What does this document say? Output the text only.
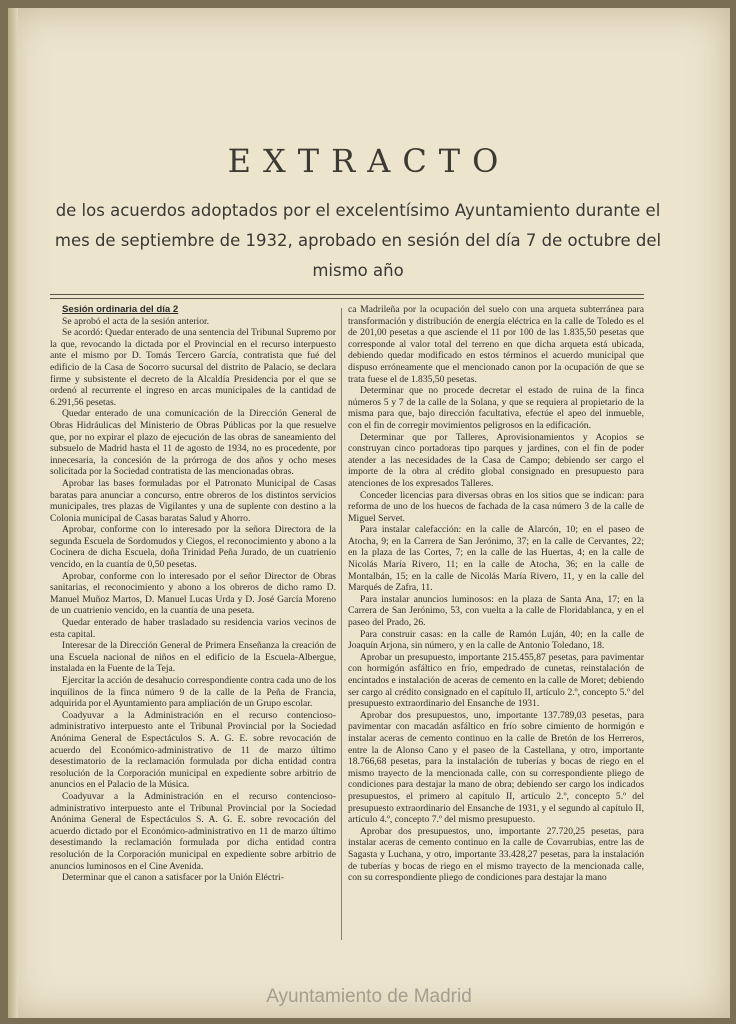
EXTRACTO

de los acuerdos adoptados por el excelentísimo Ayuntamiento durante el mes de septiembre de 1932, aprobado en sesión del día 7 de octubre del mismo año

Sesión ordinaria del día 2

Se aprobó el acta de la sesión anterior.

Se acordó: Quedar enterado de una sentencia del Tribunal Supremo por la que, revocando la dictada por el Provincial en el recurso interpuesto ante el mismo por D. Tomás Tercero García, contratista que fué del edificio de la Casa de Socorro sucursal del distrito de Palacio, se declara firme y subsistente el decreto de la Alcaldía Presidencia por el que se ordenó al recurrente el ingreso en arcas municipales de la cantidad de 6.291,56 pesetas.

Quedar enterado de una comunicación de la Dirección General de Obras Hidráulicas del Ministerio de Obras Públicas por la que resuelve que, por no expirar el plazo de ejecución de las obras de saneamiento del subsuelo de Madrid hasta el 11 de agosto de 1934, no es procedente, por innecesaria, la concesión de la prórroga de dos años y ocho meses solicitada por la Sociedad contratista de las mencionadas obras.

Aprobar las bases formuladas por el Patronato Municipal de Casas baratas para anunciar a concurso, entre obreros de los distintos servicios municipales, tres plazas de Vigilantes y una de suplente con destino a la Colonia municipal de Casas baratas Salud y Ahorro.

Aprobar, conforme con lo interesado por la señora Directora de la segunda Escuela de Sordomudos y Ciegos, el reconocimiento y abono a la Cocinera de dicha Escuela, doña Trinidad Peña Jurado, de un cuatrienio vencido, en la cuantía de 0,50 pesetas.

Aprobar, conforme con lo interesado por el señor Director de Obras sanitarias, el reconocimiento y abono a los obreros de dicho ramo D. Manuel Muñoz Martos, D. Manuel Lucas Urda y D. José García Moreno de un cuatrienio vencido, en la cuantía de una peseta.

Quedar enterado de haber trasladado su residencia varios vecinos de esta capital.

Interesar de la Dirección General de Primera Enseñanza la creación de una Escuela nacional de niños en el edificio de la Escuela-Albergue, instalada en la Fuente de la Teja.

Ejercitar la acción de desahucio correspondiente contra cada uno de los inquilinos de la finca número 9 de la calle de la Peña de Francia, adquirida por el Ayuntamiento para ampliación de un Grupo escolar.

Coadyuvar a la Administración en el recurso contencioso-administrativo interpuesto ante el Tribunal Provincial por la Sociedad Anónima General de Espectáculos S. A. G. E. sobre revocación de acuerdo del Económico-administrativo de 11 de marzo último desestimatorio de la reclamación formulada por dicha entidad contra resolución de la Corporación municipal en expediente sobre arbitrio de anuncios en el Palacio de la Música.

Coadyuvar a la Administración en el recurso contencioso-administrativo interpuesto ante el Tribunal Provincial por la Sociedad Anónima General de Espectáculos S. A. G. E. sobre revocación del acuerdo dictado por el Económico-administrativo en 11 de marzo último desestimando la reclamación formulada por dicha entidad contra resolución de la Corporación municipal en expediente sobre arbitrio de anuncios luminosos en el Cine Avenida.

Determinar que el canon a satisfacer por la Unión Eléctri-

ca Madrileña por la ocupación del suelo con una arqueta subterránea para transformación y distribución de energía eléctrica en la calle de Toledo es el de 201,00 pesetas a que asciende el 11 por 100 de las 1.835,50 pesetas que corresponde al valor total del terreno en que dicha arqueta está ubicada, debiendo quedar modificado en estos términos el acuerdo municipal que dispuso erróneamente que el mencionado canon por la ocupación de que se trata fuese el de 1.835,50 pesetas.

Determinar que no procede decretar el estado de ruina de la finca números 5 y 7 de la calle de la Solana, y que se requiera al propietario de la misma para que, bajo dirección facultativa, efectúe el apeo del inmueble, con el fin de corregir movimientos peligrosos en la edificación.

Determinar que por Talleres, Aprovisionamientos y Acopios se construyan cinco portadoras tipo parques y jardines, con el fin de poder atender a las necesidades de la Casa de Campo; debiendo ser cargo el importe de la obra al crédito global consignado en presupuesto para atenciones de los expresados Talleres.

Conceder licencias para diversas obras en los sitios que se indican: para reforma de uno de los huecos de fachada de la casa número 3 de la calle de Miguel Servet.

Para instalar calefacción: en la calle de Alarcón, 10; en el paseo de Atocha, 9; en la Carrera de San Jerónimo, 37; en la calle de Cervantes, 22; en la plaza de las Cortes, 7; en la calle de las Huertas, 4; en la calle de Nicolás María Rivero, 11; en la calle de Atocha, 36; en la calle de Montalbán, 15; en la calle de Nicolás María Rivero, 11, y en la calle del Marqués de Zafra, 11.

Para instalar anuncios luminosos: en la plaza de Santa Ana, 17; en la Carrera de San Jerónimo, 53, con vuelta a la calle de Floridablanca, y en el paseo del Prado, 26.

Para construir casas: en la calle de Ramón Luján, 40; en la calle de Joaquín Arjona, sin número, y en la calle de Antonio Toledano, 18.

Aprobar un presupuesto, importante 215.455,87 pesetas, para pavimentar con hormigón asfáltico en frío, empedrado de cunetas, reinstalación de encintados e instalación de aceras de cemento en la calle de Moret; debiendo ser cargo al crédito consignado en el capítulo II, artículo 2.º, concepto 5.º del presupuesto extraordinario del Ensanche de 1931.

Aprobar dos presupuestos, uno, importante 137.789,03 pesetas, para pavimentar con macadán asfáltico en frío sobre cimiento de hormigón e instalar aceras de cemento continuo en la calle de Bretón de los Herreros, entre la de Alonso Cano y el paseo de la Castellana, y otro, importante 18.766,68 pesetas, para la instalación de tuberías y bocas de riego en el mismo trayecto de la mencionada calle, con su correspondiente pliego de condiciones para destajar la mano de obra; debiendo ser cargo los indicados presupuestos, el primero al capítulo II, artículo 2.º, concepto 5.º del presupuesto extraordinario del Ensanche de 1931, y el segundo al capítulo II, artículo 4.º, concepto 7.º del mismo presupuesto.

Aprobar dos presupuestos, uno, importante 27.720,25 pesetas, para instalar aceras de cemento continuo en la calle de Covarrubias, entre las de Sagasta y Luchana, y otro, importante 33.428,27 pesetas, para la instalación de tuberías y bocas de riego en el mismo trayecto de la mencionada calle, con su correspondiente pliego de condiciones para destajar la mano

Ayuntamiento de Madrid
